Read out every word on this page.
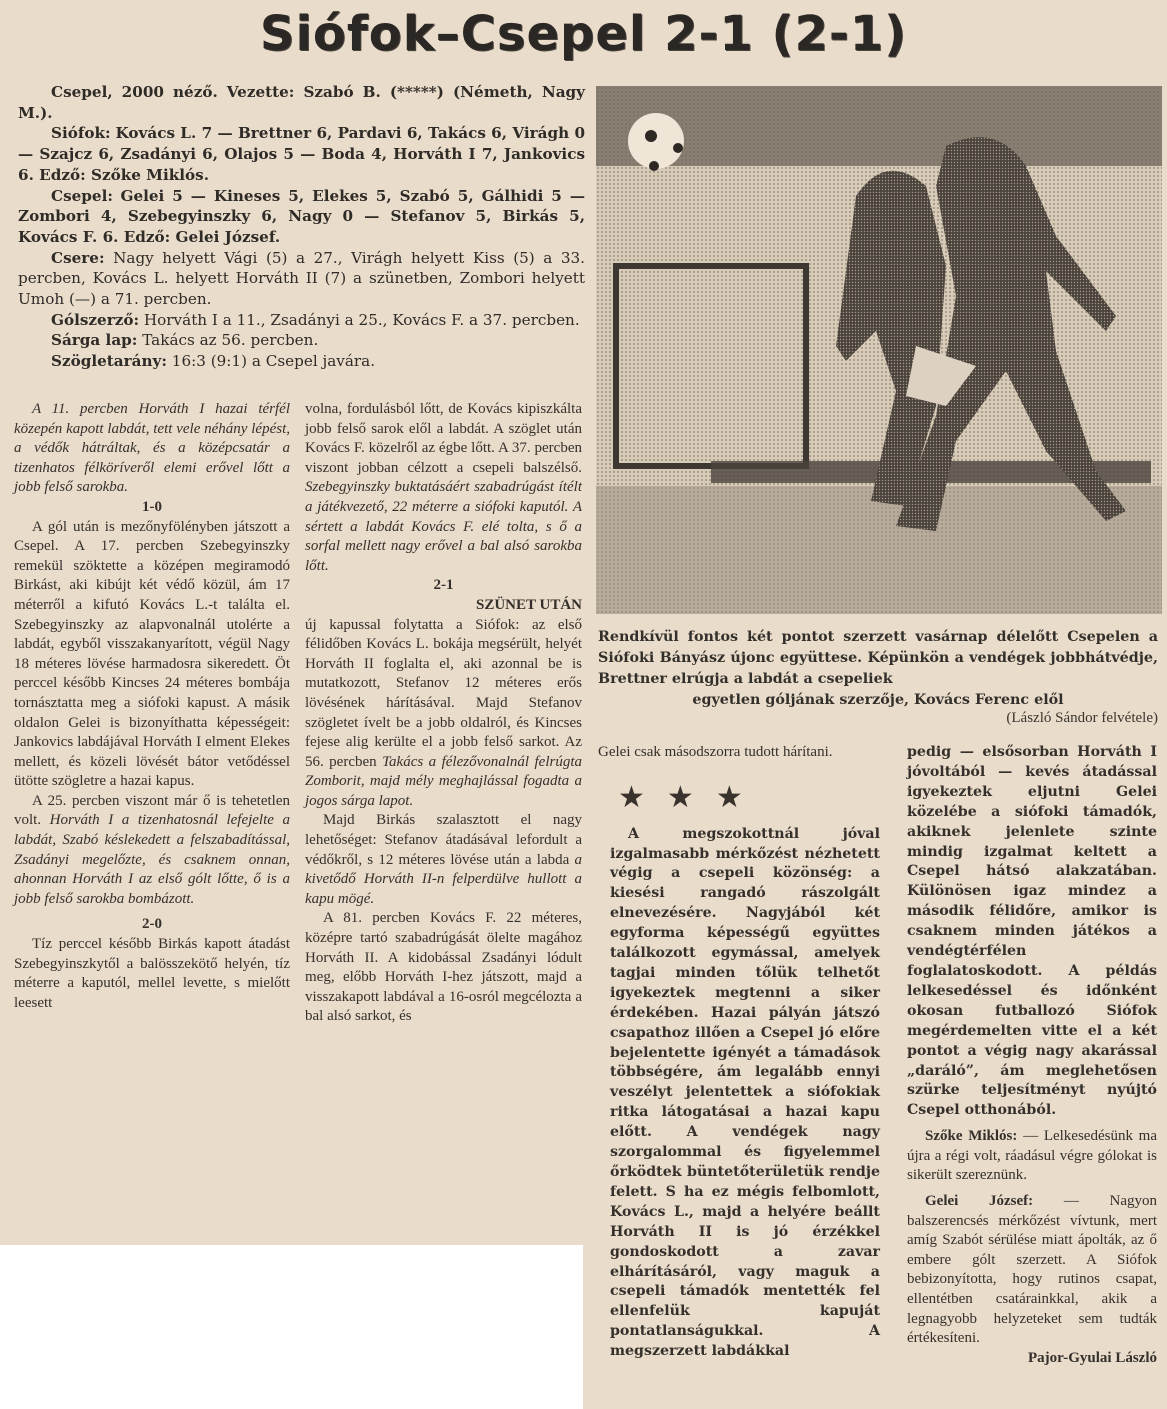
Siófok–Csepel 2-1 (2-1)

Csepel, 2000 néző. Vezette: Szabó B. (*****) (Németh, Nagy M.).

Siófok: Kovács L. 7 — Brettner 6, Pardavi 6, Takács 6, Virágh 0 — Szajcz 6, Zsadányi 6, Olajos 5 — Boda 4, Horváth I 7, Jankovics 6. Edző: Szőke Miklós.

Csepel: Gelei 5 — Kineses 5, Elekes 5, Szabó 5, Gálhidi 5 — Zombori 4, Szebegyinszky 6, Nagy 0 — Stefanov 5, Birkás 5, Kovács F. 6. Edző: Gelei József.

Csere: Nagy helyett Vági (5) a 27., Virágh helyett Kiss (5) a 33. percben, Kovács L. helyett Horváth II (7) a szünetben, Zombori helyett Umoh (—) a 71. percben.

Gólszerző: Horváth I a 11., Zsadányi a 25., Kovács F. a 37. percben.

Sárga lap: Takács az 56. percben.

Szögletarány: 16:3 (9:1) a Csepel javára.

A 11. percben Horváth I hazai térfél közepén kapott labdát, tett vele néhány lépést, a védők hátráltak, és a középcsatár a tizenhatos félköríveről elemi erővel lőtt a jobb felső sarokba.

1-0

A gól után is mezőnyfölényben játszott a Csepel. A 17. percben Szebegyinszky remekül szöktette a középen megiramodó Birkást, aki kibújt két védő közül, ám 17 méterről a kifutó Kovács L.-t találta el. Szebegyinszky az alapvonalnál utolérte a labdát, egyből visszakanyarított, végül Nagy 18 méteres lövése harmadosra sikeredett. Öt perccel később Kincses 24 méteres bombája tornásztatta meg a siófoki kapust. A másik oldalon Gelei is bizonyíthatta képességeit: Jankovics labdájával Horváth I elment Elekes mellett, és közeli lövését bátor vetődéssel ütötte szögletre a hazai kapus.

A 25. percben viszont már ő is tehetetlen volt. Horváth I a tizenhatosnál lefejelte a labdát, Szabó késlekedett a felszabadítással, Zsadányi megelőzte, és csaknem onnan, ahonnan Horváth I az első gólt lőtte, ő is a jobb felső sarokba bombázott.

2-0

Tíz perccel később Birkás kapott átadást Szebegyinszkytől a balösszekötő helyén, tíz méterre a kaputól, mellel levette, s mielőtt leesett

volna, fordulásból lőtt, de Kovács kipiszkálta jobb felső sarok elől a labdát. A szöglet után Kovács F. közelről az égbe lőtt. A 37. percben viszont jobban célzott a csepeli balszélső. Szebegyinszky buktatásáért szabadrúgást ítélt a játékvezető, 22 méterre a siófoki kaputól. A sértett a labdát Kovács F. elé tolta, s ő a sorfal mellett nagy erővel a bal alsó sarokba lőtt.

2-1

SZÜNET UTÁN

új kapussal folytatta a Siófok: az első félidőben Kovács L. bokája megsérült, helyét Horváth II foglalta el, aki azonnal be is mutatkozott, Stefanov 12 méteres erős lövésének hárításával. Majd Stefanov szögletet ívelt be a jobb oldalról, és Kincses fejese alig kerülte el a jobb felső sarkot. Az 56. percben Takács a félezővonalnál felrúgta Zomborit, majd mély meghajlással fogadta a jogos sárga lapot.

Majd Birkás szalasztott el nagy lehetőséget: Stefanov átadásával lefordult a védőkről, s 12 méteres lövése után a labda a kivetődő Horváth II-n felperdülve hullott a kapu mögé.

A 81. percben Kovács F. 22 méteres, középre tartó szabadrúgását ölelte magához Horváth II. A kidobással Zsadányi lódult meg, előbb Horváth I-hez játszott, majd a visszakapott labdával a 16-osról megcélozta a bal alsó sarkot, és

Rendkívül fontos két pontot szerzett vasárnap délelőtt Csepelen a Siófoki Bányász újonc együttese. Képünkön a vendégek jobbhátvédje, Brettner elrúgja a labdát a csepeliek

egyetlen góljának szerzője, Kovács Ferenc elől

(László Sándor felvétele)

Gelei csak másodszorra tudott hárítani.

★ ★ ★

A megszokottnál jóval izgalmasabb mérkőzést nézhetett végig a csepeli közönség: a kiesési rangadó rászolgált elnevezésére. Nagyjából két egyforma képességű együttes találkozott egymással, amelyek tagjai minden tőlük telhetőt igyekeztek megtenni a siker érdekében. Hazai pályán játszó csapathoz illően a Csepel jó előre bejelentette igényét a támadások többségére, ám legalább ennyi veszélyt jelentettek a siófokiak ritka látogatásai a hazai kapu előtt. A vendégek nagy szorgalommal és figyelemmel őrködtek büntetőterületük rendje felett. S ha ez mégis felbomlott, Kovács L., majd a helyére beállt Horváth II is jó érzékkel gondoskodott a zavar elhárításáról, vagy maguk a csepeli támadók mentették fel ellenfelük kapuját pontatlanságukkal. A megszerzett labdákkal

pedig — elsősorban Horváth I jóvoltából — kevés átadással igyekeztek eljutni Gelei közelébe a siófoki támadók, akiknek jelenlete szinte mindig izgalmat keltett a Csepel hátsó alakzatában. Különösen igaz mindez a második félidőre, amikor is csaknem minden játékos a vendégtérfélen foglalatoskodott. A példás lelkesedéssel és időnként okosan futballozó Siófok megérdemelten vitte el a két pontot a végig nagy akarással „daráló”, ám meglehetősen szürke teljesítményt nyújtó Csepel otthonából.

Szőke Miklós: — Lelkesedésünk ma újra a régi volt, ráadásul végre gólokat is sikerült szereznünk.

Gelei József: — Nagyon balszerencsés mérkőzést vívtunk, mert amíg Szabót sérülése miatt ápolták, az ő embere gólt szerzett. A Siófok bebizonyította, hogy rutinos csapat, ellentétben csatárainkkal, akik a legnagyobb helyzeteket sem tudták értékesíteni.

Pajor-Gyulai László
